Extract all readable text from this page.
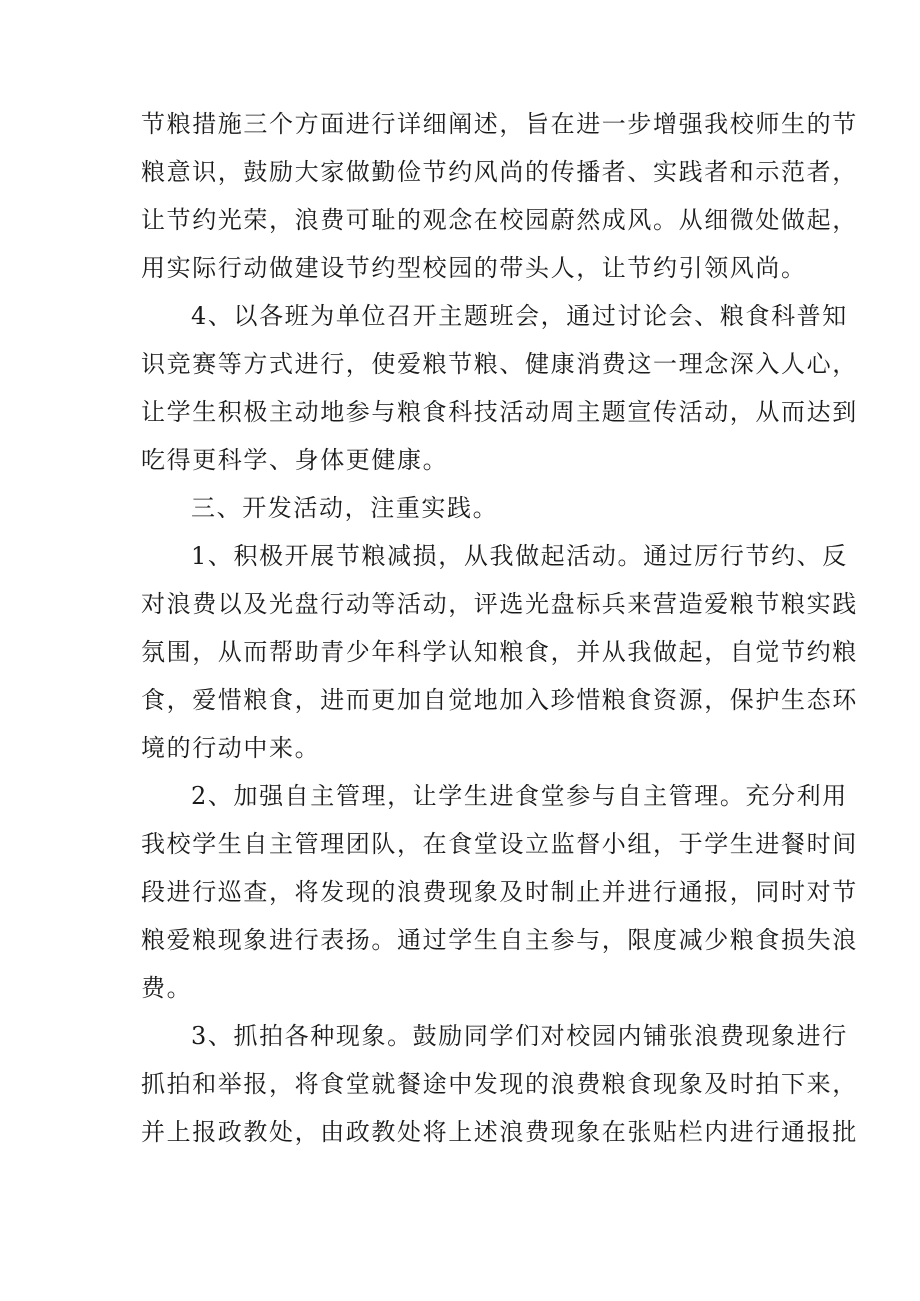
节粮措施三个方面进行详细阐述，旨在进一步增强我校师生的节
粮意识，鼓励大家做勤俭节约风尚的传播者、实践者和示范者，
让节约光荣，浪费可耻的观念在校园蔚然成风。从细微处做起，
用实际行动做建设节约型校园的带头人，让节约引领风尚。
4、以各班为单位召开主题班会，通过讨论会、粮食科普知
识竞赛等方式进行，使爱粮节粮、健康消费这一理念深入人心，
让学生积极主动地参与粮食科技活动周主题宣传活动，从而达到
吃得更科学、身体更健康。
三、开发活动，注重实践。
1、积极开展节粮减损，从我做起活动。通过厉行节约、反
对浪费以及光盘行动等活动，评选光盘标兵来营造爱粮节粮实践
氛围，从而帮助青少年科学认知粮食，并从我做起，自觉节约粮
食，爱惜粮食，进而更加自觉地加入珍惜粮食资源，保护生态环
境的行动中来。
2、加强自主管理，让学生进食堂参与自主管理。充分利用
我校学生自主管理团队，在食堂设立监督小组，于学生进餐时间
段进行巡查，将发现的浪费现象及时制止并进行通报，同时对节
粮爱粮现象进行表扬。通过学生自主参与，限度减少粮食损失浪
费。
3、抓拍各种现象。鼓励同学们对校园内铺张浪费现象进行
抓拍和举报，将食堂就餐途中发现的浪费粮食现象及时拍下来，
并上报政教处，由政教处将上述浪费现象在张贴栏内进行通报批
